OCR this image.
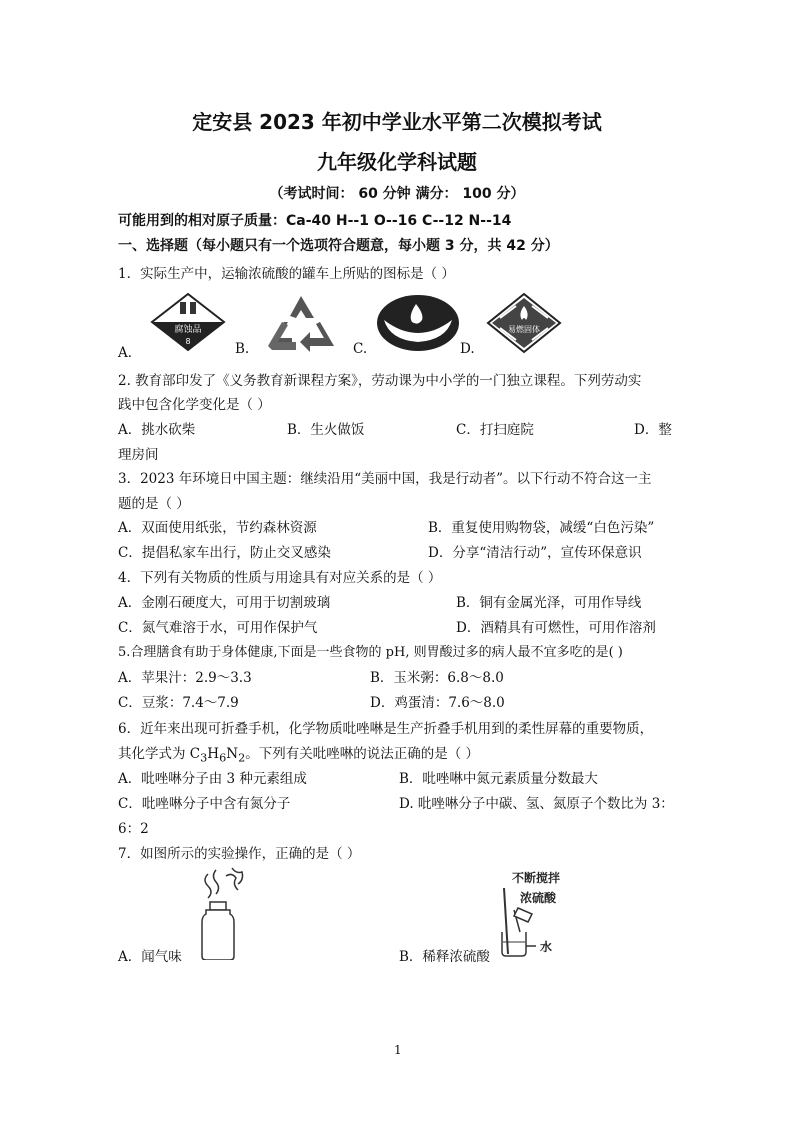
定安县 2023 年初中学业水平第二次模拟考试
九年级化学科试题
（考试时间： 60 分钟 满分： 100 分）
可能用到的相对原子质量：Ca-40 H--1 O--16 C--12 N--14
一、选择题（每小题只有一个选项符合题意，每小题 3 分，共 42 分）
1．实际生产中，运输浓硫酸的罐车上所贴的图标是（ ）
腐蚀品
8
易燃固体
A．	B.	C.	D.
2. 教育部印发了《义务教育新课程方案》，劳动课为中小学的一门独立课程。下列劳动实
践中包含化学变化是（ ）
A．挑水砍柴	B．生火做饭	C．打扫庭院	D．整
理房间
3．2023 年环境日中国主题：继续沿用“美丽中国，我是行动者”。以下行动不符合这一主
题的是（ ）
A．双面使用纸张，节约森林资源	B．重复使用购物袋，减缓“白色污染”
C．提倡私家车出行，防止交叉感染	D．分享“清洁行动”，宣传环保意识
4．下列有关物质的性质与用途具有对应关系的是（ ）
A．金刚石硬度大，可用于切割玻璃	B．铜有金属光泽，可用作导线
C．氮气难溶于水，可用作保护气	D．酒精具有可燃性，可用作溶剂
5.合理膳食有助于身体健康,下面是一些食物的 pH, 则胃酸过多的病人最不宜多吃的是( )
A．苹果汁：2.9～3.3	B．玉米粥：6.8～8.0
C．豆浆：7.4～7.9	D．鸡蛋清：7.6～8.0
6．近年来出现可折叠手机，化学物质吡唑啉是生产折叠手机用到的柔性屏幕的重要物质，
其化学式为 $C_3H_6N_2$。下列有关吡唑啉的说法正确的是（ ）
A．吡唑啉分子由 3 种元素组成	B．吡唑啉中氮元素质量分数最大
C．吡唑啉分子中含有氮分子	D. 吡唑啉分子中碳、氢、氮原子个数比为 3：
6：2
7．如图所示的实验操作，正确的是（ ）
A．闻气味
不断搅拌
浓硫酸
水
B．稀释浓硫酸
1
